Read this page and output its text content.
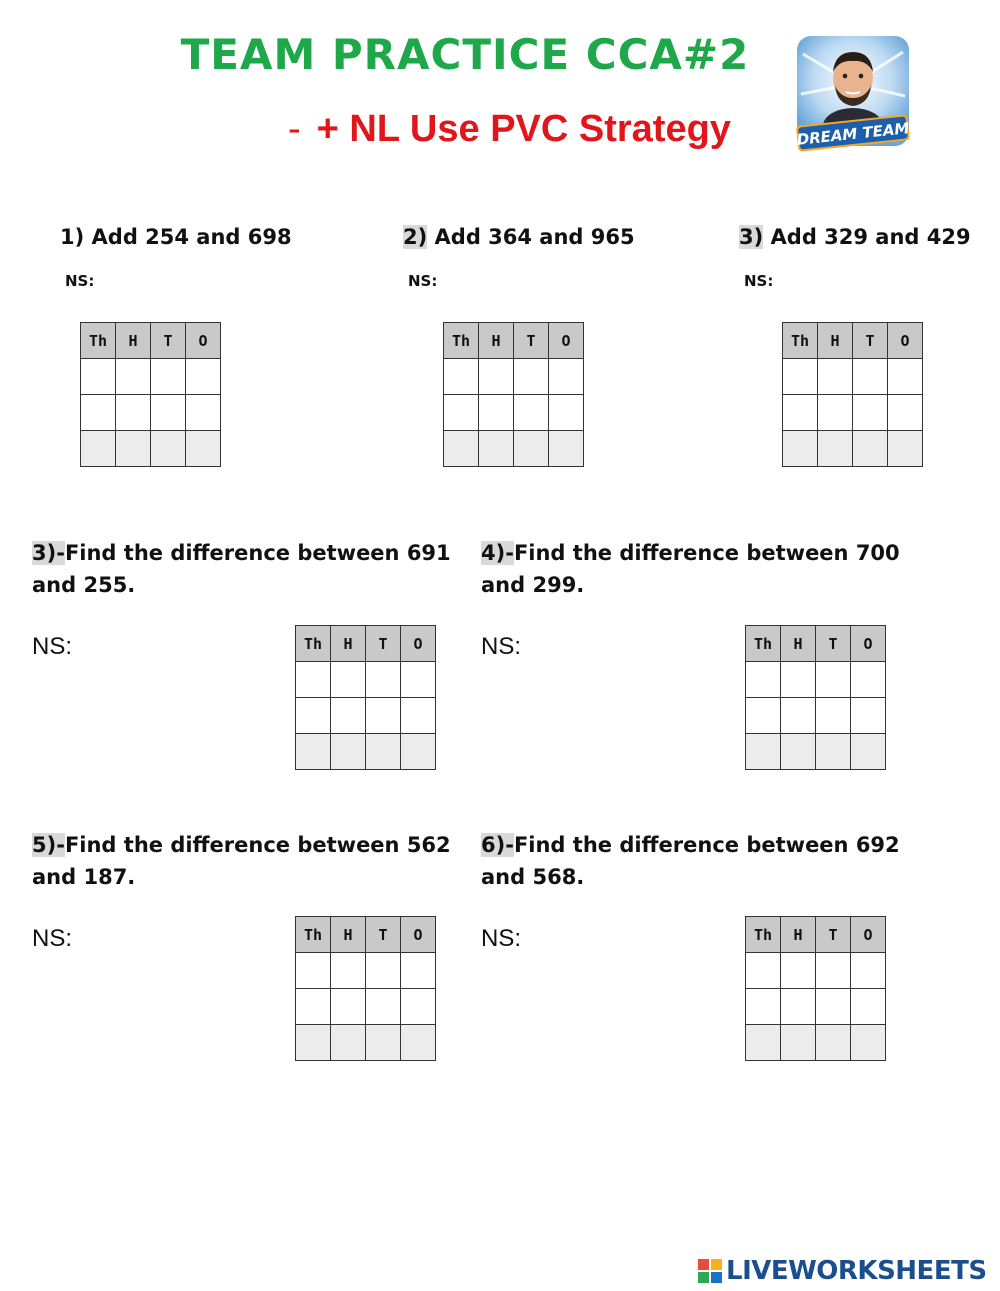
TEAM PRACTICE CCA#2
- + NL Use PVC Strategy	DREAM TEAM
1) Add 254 and 698
NS:
2) Add 364 and 965
NS:
3) Add 329 and 429
NS:
3)-Find the difference between 691 and 255.
NS:
4)-Find the difference between 700 and 299.
NS:
5)-Find the difference between 562 and 187.
NS:
6)-Find the difference between 692 and 568.
NS:
Th	H	T	O

				Th	H	T	O

				Th	H	T	O

Th	H	T	O

				Th	H	T	O

Th	H	T	O

				Th	H	T	O

LIVEWORKSHEETS
